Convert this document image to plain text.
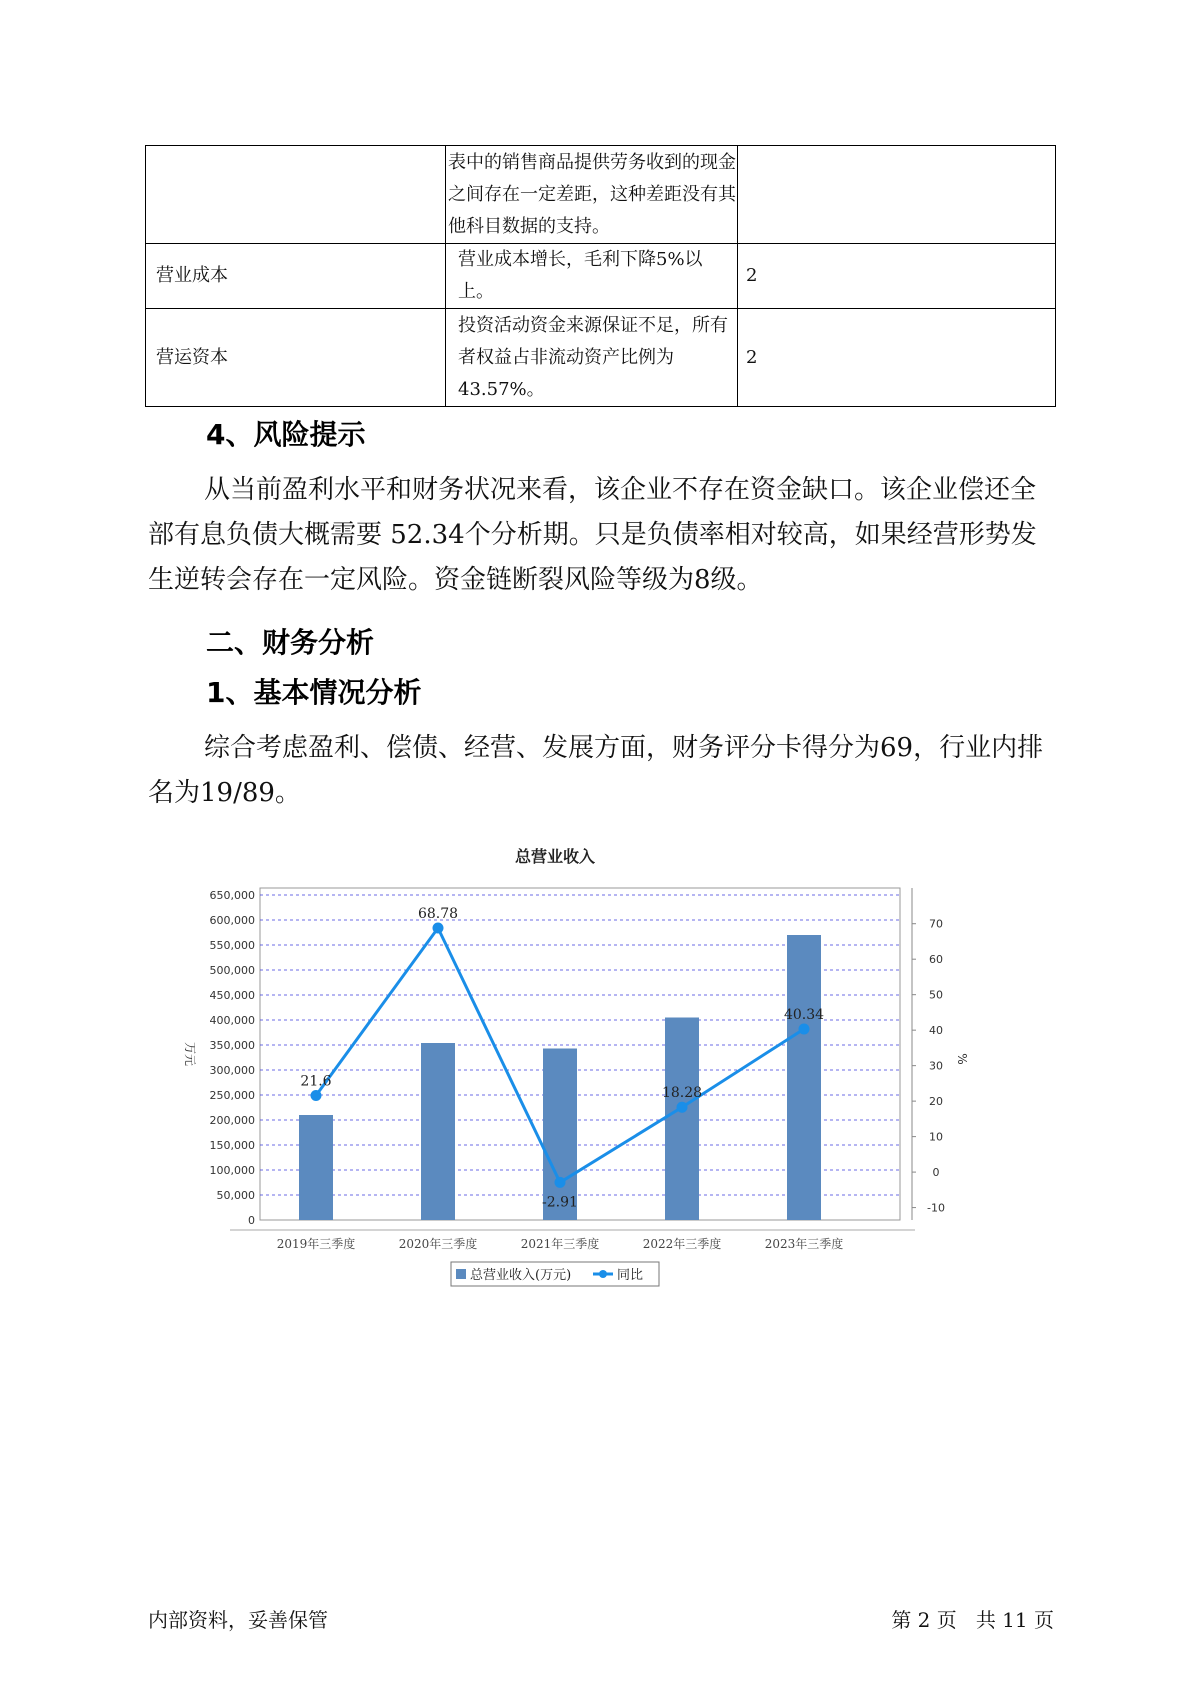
	表中的销售商品提供劳务收到的现金之间存在一定差距，这种差距没有其他科目数据的支持。	
营业成本	营业成本增长，毛利下降5%以上。	2
营运资本	投资活动资金来源保证不足，所有者权益占非流动资产比例为43.57%。	2
4、风险提示

从当前盈利水平和财务状况来看，该企业不存在资金缺口。该企业偿还全部有息负债大概需要 52.34个分析期。只是负债率相对较高，如果经营形势发生逆转会存在一定风险。资金链断裂风险等级为8级。

二、财务分析
1、基本情况分析

综合考虑盈利、偿债、经营、发展方面，财务评分卡得分为69，行业内排名为19/89。

0
50,000
100,000
150,000
200,000
250,000
300,000
350,000
400,000
450,000
500,000
550,000
600,000
650,000
-10
0
10
20
30
40
50
60
70
万元	%
总营业收入
2019年三季度	2020年三季度	2021年三季度	2022年三季度	2023年三季度
21.6
68.78
-2.91
18.28
40.34
总营业收入(万元)	同比
内部资料，妥善保管	第 2 页   共 11 页
